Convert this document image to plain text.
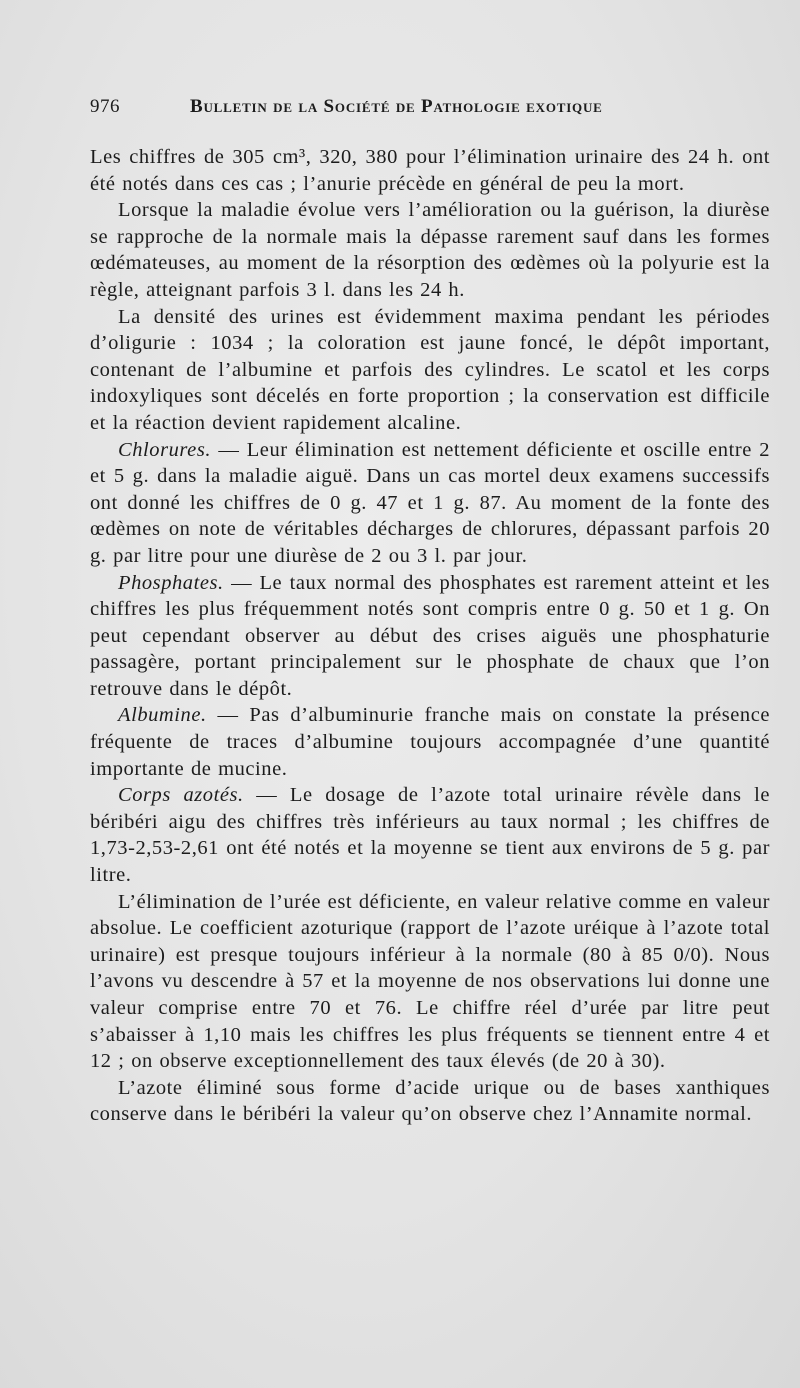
976	Bulletin de la Société de Pathologie exotique

Les chiffres de 305 cm³, 320, 380 pour l’élimination urinaire des 24 h. ont été notés dans ces cas ; l’anurie précède en général de peu la mort.

Lorsque la maladie évolue vers l’amélioration ou la guérison, la diurèse se rapproche de la normale mais la dépasse rarement sauf dans les formes œdémateuses, au moment de la résorption des œdèmes où la polyurie est la règle, atteignant parfois 3 l. dans les 24 h.

La densité des urines est évidemment maxima pendant les périodes d’oligurie : 1034 ; la coloration est jaune foncé, le dépôt important, contenant de l’albumine et parfois des cylindres. Le scatol et les corps indoxyliques sont décelés en forte proportion ; la conservation est difficile et la réaction devient rapidement alcaline.

Chlorures. — Leur élimination est nettement déficiente et oscille entre 2 et 5 g. dans la maladie aiguë. Dans un cas mortel deux examens successifs ont donné les chiffres de 0 g. 47 et 1 g. 87. Au moment de la fonte des œdèmes on note de véritables décharges de chlorures, dépassant parfois 20 g. par litre pour une diurèse de 2 ou 3 l. par jour.

Phosphates. — Le taux normal des phosphates est rarement atteint et les chiffres les plus fréquemment notés sont compris entre 0 g. 50 et 1 g. On peut cependant observer au début des crises aiguës une phosphaturie passagère, portant principalement sur le phosphate de chaux que l’on retrouve dans le dépôt.

Albumine. — Pas d’albuminurie franche mais on constate la présence fréquente de traces d’albumine toujours accompagnée d’une quantité importante de mucine.

Corps azotés. — Le dosage de l’azote total urinaire révèle dans le béribéri aigu des chiffres très inférieurs au taux normal ; les chiffres de 1,73-2,53-2,61 ont été notés et la moyenne se tient aux environs de 5 g. par litre.

L’élimination de l’urée est déficiente, en valeur relative comme en valeur absolue. Le coefficient azoturique (rapport de l’azote uréique à l’azote total urinaire) est presque toujours inférieur à la normale (80 à 85 0/0). Nous l’avons vu descendre à 57 et la moyenne de nos observations lui donne une valeur comprise entre 70 et 76. Le chiffre réel d’urée par litre peut s’abaisser à 1,10 mais les chiffres les plus fréquents se tiennent entre 4 et 12 ; on observe exceptionnellement des taux élevés (de 20 à 30).

L’azote éliminé sous forme d’acide urique ou de bases xanthiques conserve dans le béribéri la valeur qu’on observe chez l’Annamite normal.
